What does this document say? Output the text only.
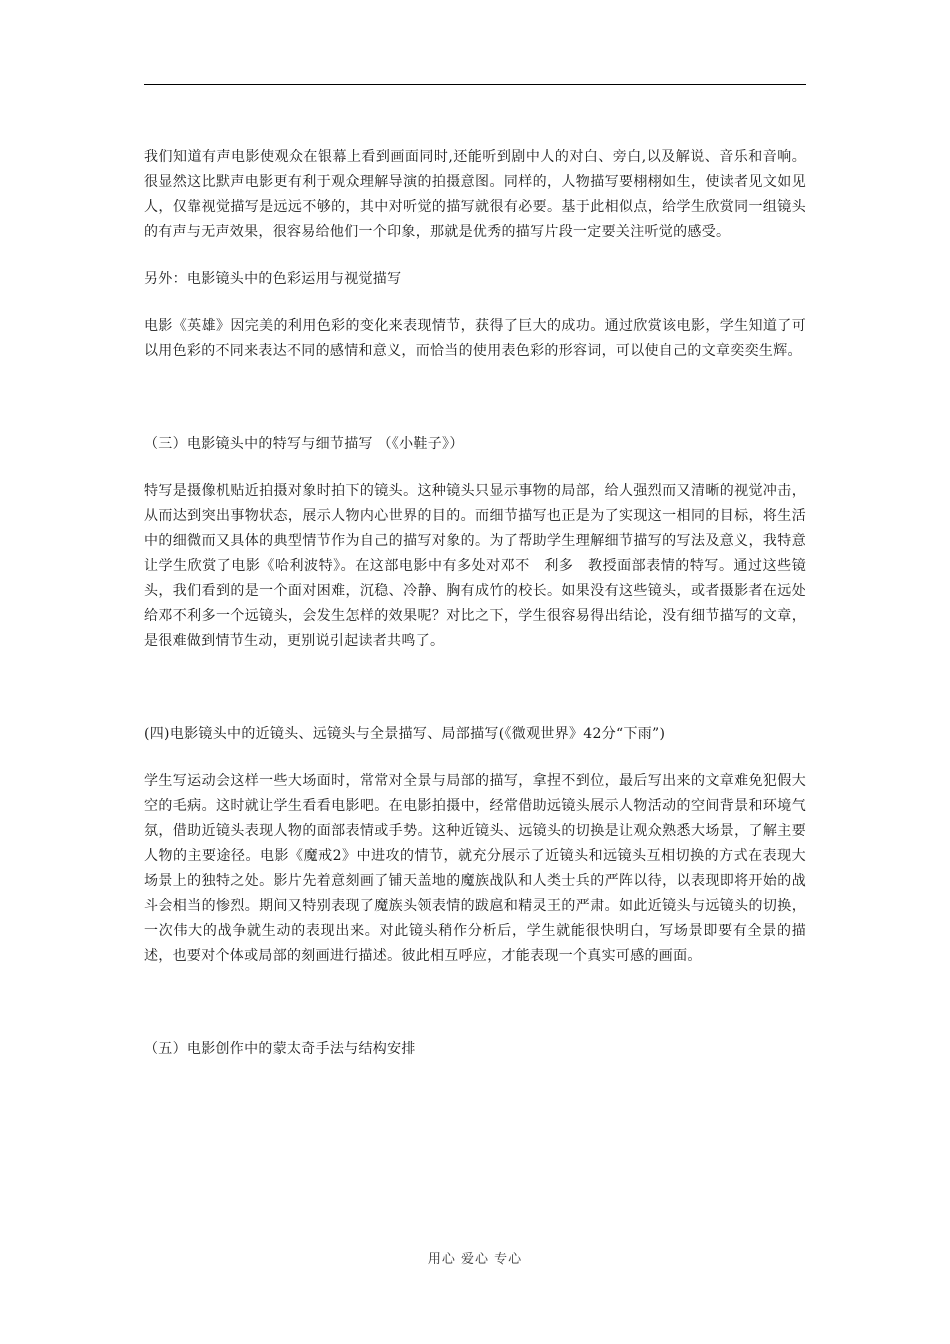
我们知道有声电影使观众在银幕上看到画面同时,还能听到剧中人的对白、旁白,以及解说、音乐和音响。很显然这比默声电影更有利于观众理解导演的拍摄意图。同样的，人物描写要栩栩如生，使读者见文如见人，仅靠视觉描写是远远不够的，其中对听觉的描写就很有必要。基于此相似点，给学生欣赏同一组镜头的有声与无声效果，很容易给他们一个印象，那就是优秀的描写片段一定要关注听觉的感受。

另外：电影镜头中的色彩运用与视觉描写

电影《英雄》因完美的利用色彩的变化来表现情节，获得了巨大的成功。通过欣赏该电影，学生知道了可以用色彩的不同来表达不同的感情和意义，而恰当的使用表色彩的形容词，可以使自己的文章奕奕生辉。

（三）电影镜头中的特写与细节描写 （《小鞋子》）

特写是摄像机贴近拍摄对象时拍下的镜头。这种镜头只显示事物的局部，给人强烈而又清晰的视觉冲击，从而达到突出事物状态，展示人物内心世界的目的。而细节描写也正是为了实现这一相同的目标，将生活中的细微而又具体的典型情节作为自己的描写对象的。为了帮助学生理解细节描写的写法及意义，我特意让学生欣赏了电影《哈利波特》。在这部电影中有多处对邓不　利多　教授面部表情的特写。通过这些镜头，我们看到的是一个面对困难，沉稳、冷静、胸有成竹的校长。如果没有这些镜头，或者摄影者在远处给邓不利多一个远镜头，会发生怎样的效果呢？对比之下，学生很容易得出结论，没有细节描写的文章，是很难做到情节生动，更别说引起读者共鸣了。

(四)电影镜头中的近镜头、远镜头与全景描写、局部描写(《微观世界》42分“下雨”)

学生写运动会这样一些大场面时，常常对全景与局部的描写，拿捏不到位，最后写出来的文章难免犯假大空的毛病。这时就让学生看看电影吧。在电影拍摄中，经常借助远镜头展示人物活动的空间背景和环境气氛，借助近镜头表现人物的面部表情或手势。这种近镜头、远镜头的切换是让观众熟悉大场景，了解主要人物的主要途径。电影《魔戒2》中进攻的情节，就充分展示了近镜头和远镜头互相切换的方式在表现大场景上的独特之处。影片先着意刻画了铺天盖地的魔族战队和人类士兵的严阵以待，以表现即将开始的战斗会相当的惨烈。期间又特别表现了魔族头领表情的跋扈和精灵王的严肃。如此近镜头与远镜头的切换，一次伟大的战争就生动的表现出来。对此镜头稍作分析后，学生就能很快明白，写场景即要有全景的描述，也要对个体或局部的刻画进行描述。彼此相互呼应，才能表现一个真实可感的画面。

（五）电影创作中的蒙太奇手法与结构安排

用心 爱心 专心
